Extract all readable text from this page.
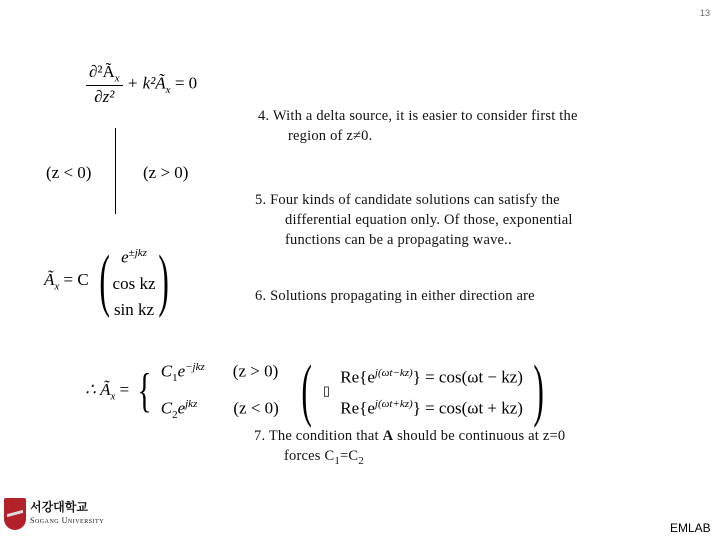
13
$\frac{\partial^2Ã_x}{\text{∂z²}}$ + $k^2Ã_x = 0$
(z < 0)	(z > 0)
4. With a delta source, it is easier to consider first the
region of z≠0.
5. Four kinds of candidate solutions can satisfy the
differential equation only. Of those, exponential
functions can be a propagating wave..
$Ã_x = C$ ( $e^{\pm jkz}$
cos kz
sin kz )	6. Solutions propagating in either direction are
∴ $Ã_x$ = { $C_1e^{-jkz}$ (z > 0)
$C_2e^{jkz}$ (z < 0) ( ▯
$Re\{e^{j(\omega t-kz)}\} = \cos(\omega t - kz)$
$Re\{e^{j(\omega t+kz)}\} = \cos(\omega t + kz)$ )
7. The condition that A should be continuous at z=0
forces $C_1=C_2$
서강대학교
Sogang University
EMLAB
